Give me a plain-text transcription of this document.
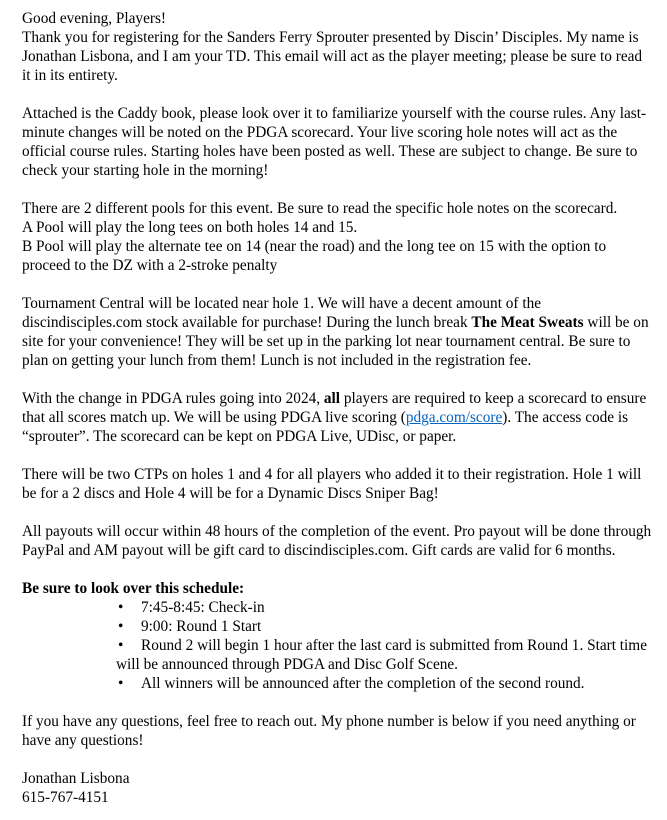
Good evening, Players!
Thank you for registering for the Sanders Ferry Sprouter presented by Discin’ Disciples. My name is Jonathan Lisbona, and I am your TD. This email will act as the player meeting; please be sure to read it in its entirety.

Attached is the Caddy book, please look over it to familiarize yourself with the course rules. Any last-minute changes will be noted on the PDGA scorecard. Your live scoring hole notes will act as the official course rules. Starting holes have been posted as well. These are subject to change. Be sure to check your starting hole in the morning!

There are 2 different pools for this event. Be sure to read the specific hole notes on the scorecard.
A Pool will play the long tees on both holes 14 and 15.
B Pool will play the alternate tee on 14 (near the road) and the long tee on 15 with the option to proceed to the DZ with a 2-stroke penalty

Tournament Central will be located near hole 1. We will have a decent amount of the discindisciples.com stock available for purchase! During the lunch break The Meat Sweats will be on site for your convenience! They will be set up in the parking lot near tournament central. Be sure to plan on getting your lunch from them! Lunch is not included in the registration fee.

With the change in PDGA rules going into 2024, all players are required to keep a scorecard to ensure that all scores match up. We will be using PDGA live scoring (pdga.com/score). The access code is “sprouter”. The scorecard can be kept on PDGA Live, UDisc, or paper.

There will be two CTPs on holes 1 and 4 for all players who added it to their registration. Hole 1 will be for a 2 discs and Hole 4 will be for a Dynamic Discs Sniper Bag!

All payouts will occur within 48 hours of the completion of the event. Pro payout will be done through PayPal and AM payout will be gift card to discindisciples.com. Gift cards are valid for 6 months.

Be sure to look over this schedule:

• 7:45-8:45: Check-in
• 9:00: Round 1 Start
•	Round 2 will begin 1 hour after the last card is submitted from Round 1. Start time will be announced through PDGA and Disc Golf Scene.
• All winners will be announced after the completion of the second round.

If you have any questions, feel free to reach out. My phone number is below if you need anything or have any questions!

Jonathan Lisbona
615-767-4151
